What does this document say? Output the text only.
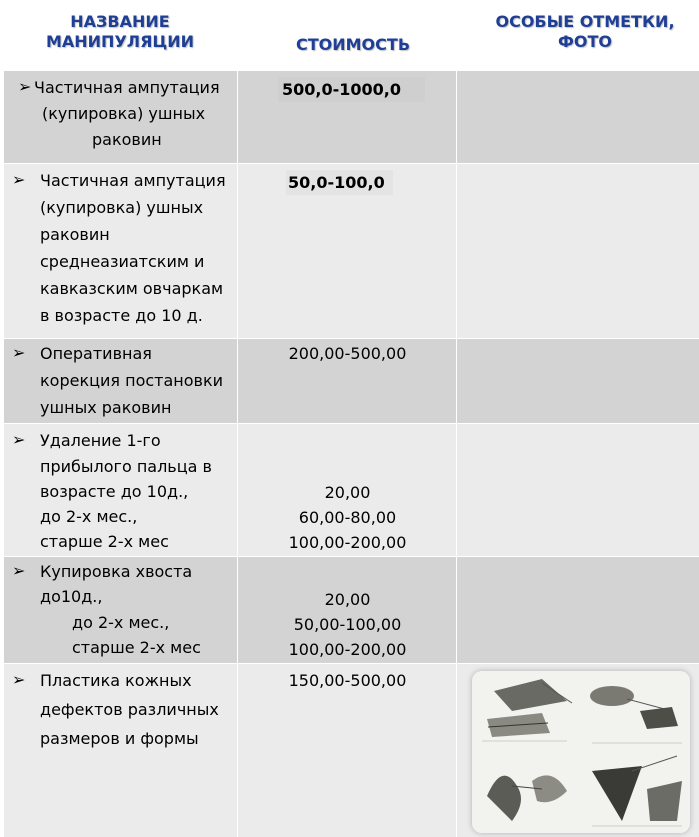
НАЗВАНИЕ
МАНИПУЛЯЦИИ	СТОИМОСТЬ
ОСОБЫЕ ОТМЕТКИ,
ФОТО
➢ Частичная ампутация
(купировка) ушных
раковин
500,0-1000,0
➢ Частичная ампутация
(купировка) ушных
раковин
среднеазиатским и
кавказским овчаркам
в возрасте до 10 д.
50,0-100,0
➢ Оперативная
корекция постановки
ушных раковин
200,00-500,00
➢ Удаление 1-го
прибылого пальца в
возрасте до 10д.,
до 2-х мес.,
старше 2-х мес
20,00
60,00-80,00
100,00-200,00
➢ Купировка хвоста
до10д.,
до 2-х мес.,
старше 2-х мес
20,00
50,00-100,00
100,00-200,00
➢ Пластика кожных
дефектов различных
размеров и формы
150,00-500,00
